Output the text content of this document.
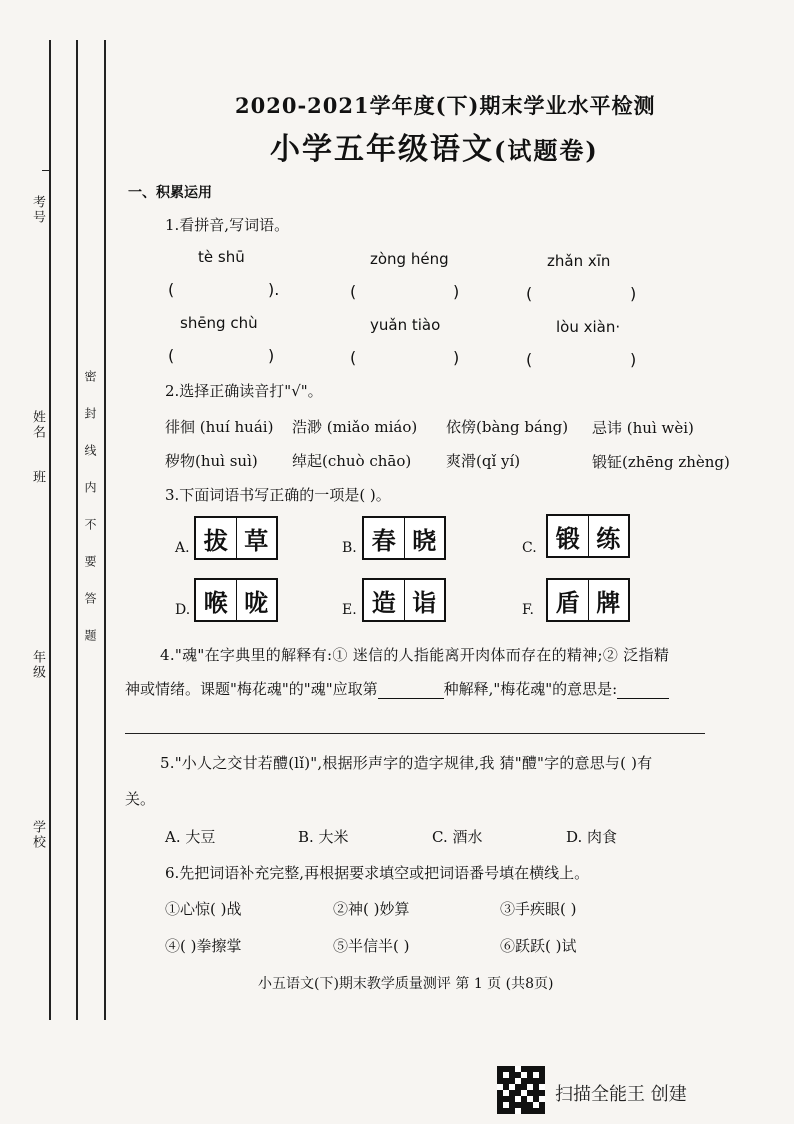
考号
姓名
班
年级
学校
密封线内不要答题
2020-2021学年度(下)期末学业水平检测
小学五年级语文(试题卷)
一、积累运用
1.看拼音,写词语。
tè shū	zòng héng	zhǎn xīn
(	).	(	)	(	)
shēng chù	yuǎn tiào	lòu xiàn·
(	)	(	)	(	)
2.选择正确读音打"√"。
徘徊 (huí huái) 浩渺 (miǎo miáo) 依傍(bàng báng) 忌讳 (huì wèi)
秽物(huì suì) 绰起(chuò chāo) 爽滑(qǐ yí)	锻钲(zhēng zhèng)
3.下面词语书写正确的一项是( )。
A. 拔 草	B. 春 晓	C. 锻 练
D. 喉 咙	E. 造 诣	F. 盾 牌
4."魂"在字典里的解释有:① 迷信的人指能离开肉体而存在的精神;② 泛指精
神或情绪。课题"梅花魂"的"魂"应取第	种解释,"梅花魂"的意思是:
5."小人之交甘若醴(lǐ)",根据形声字的造字规律,我 猜"醴"字的意思与( )有
关。
A. 大豆	B. 大米	C. 酒水	D. 肉食
6.先把词语补充完整,再根据要求填空或把词语番号填在横线上。
①心惊( )战	②神( )妙算	③手疾眼( )
④( )拳擦掌	⑤半信半( )	⑥跃跃( )试
小五语文(下)期末教学质量测评 第 1 页 (共8页)
扫描全能王 创建
